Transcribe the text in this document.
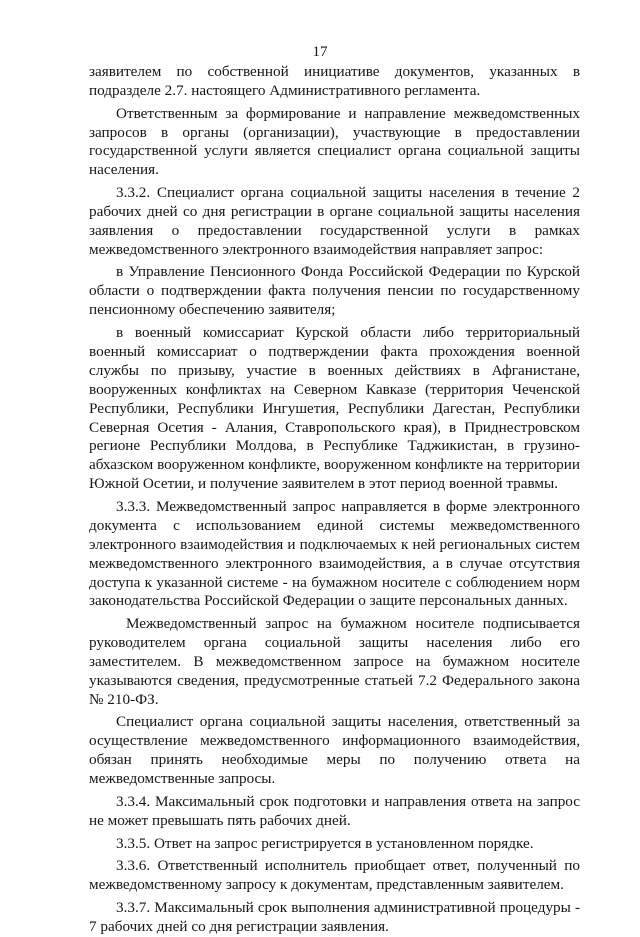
17

заявителем по собственной инициативе документов, указанных в подразделе 2.7. настоящего Административного регламента.

Ответственным за формирование и направление межведомственных запросов в органы (организации), участвующие в предоставлении государственной услуги является специалист органа социальной защиты населения.

3.3.2. Специалист органа социальной защиты населения в течение 2 рабочих дней со дня регистрации в органе социальной защиты населения заявления о предоставлении государственной услуги в рамках межведомственного электронного взаимодействия направляет запрос:

в Управление Пенсионного Фонда Российской Федерации по Курской области о подтверждении факта получения пенсии по государственному пенсионному обеспечению заявителя;

в военный комиссариат Курской области либо территориальный военный комиссариат о подтверждении факта прохождения военной службы по призыву, участие в военных действиях в Афганистане, вооруженных конфликтах на Северном Кавказе (территория Чеченской Республики, Республики Ингушетия, Республики Дагестан, Республики Северная Осетия - Алания, Ставропольского края), в Приднестровском регионе Республики Молдова, в Республике Таджикистан, в грузино-абхазском вооруженном конфликте, вооруженном конфликте на территории Южной Осетии, и получение заявителем в этот период военной травмы.

3.3.3. Межведомственный запрос направляется в форме электронного документа с использованием единой системы межведомственного электронного взаимодействия и подключаемых к ней региональных систем межведомственного электронного взаимодействия, а в случае отсутствия доступа к указанной системе - на бумажном носителе с соблюдением норм законодательства Российской Федерации о защите персональных данных.

Межведомственный запрос на бумажном носителе подписывается руководителем органа социальной защиты населения либо его заместителем. В межведомственном запросе на бумажном носителе указываются сведения, предусмотренные статьей 7.2 Федерального закона № 210-ФЗ.

Специалист органа социальной защиты населения, ответственный за осуществление межведомственного информационного взаимодействия, обязан принять необходимые меры по получению ответа на межведомственные запросы.

3.3.4. Максимальный срок подготовки и направления ответа на запрос не может превышать пять рабочих дней.

3.3.5. Ответ на запрос регистрируется в установленном порядке.

3.3.6. Ответственный исполнитель приобщает ответ, полученный по межведомственному запросу к документам, представленным заявителем.

3.3.7. Максимальный срок выполнения административной процедуры - 7 рабочих дней со дня регистрации заявления.
